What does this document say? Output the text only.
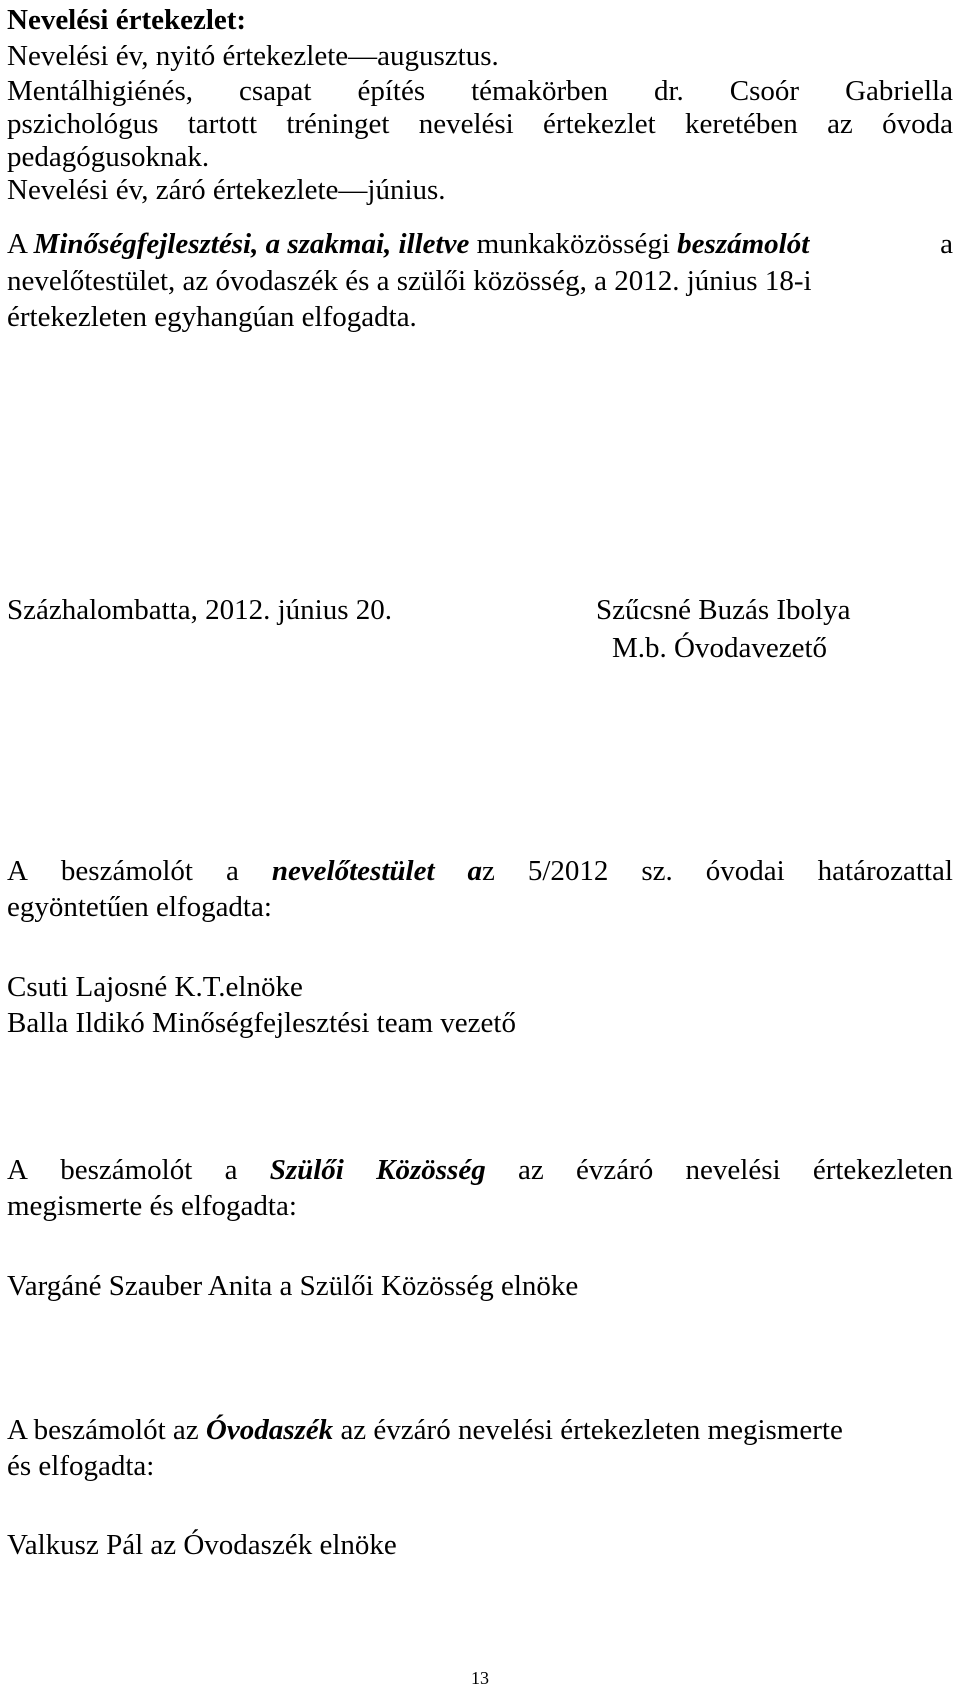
Nevelési értekezlet:
Nevelési év, nyitó értekezlete—augusztus.
Mentálhigiénés, csapat építés témakörben dr. Csoór Gabriella
pszichológus tartott tréninget nevelési értekezlet keretében az óvoda
pedagógusoknak.
Nevelési év, záró értekezlete—június.
A Minőségfejlesztési, a szakmai, illetve munkaközösségi beszámolót	a
nevelőtestület, az óvodaszék és a szülői közösség, a 2012. június 18-i
értekezleten egyhangúan elfogadta.
Százhalombatta, 2012. június 20.	Szűcsné Buzás Ibolya
M.b. Óvodavezető
A beszámolót a nevelőtestület az 5/2012 sz. óvodai határozattal
egyöntetűen elfogadta:
Csuti Lajosné K.T.elnöke
Balla Ildikó Minőségfejlesztési team vezető
A beszámolót a Szülői Közösség az évzáró nevelési értekezleten
megismerte és elfogadta:
Vargáné Szauber Anita a Szülői Közösség elnöke
A beszámolót az Óvodaszék az évzáró nevelési értekezleten megismerte
és elfogadta:
Valkusz Pál az Óvodaszék elnöke
13
